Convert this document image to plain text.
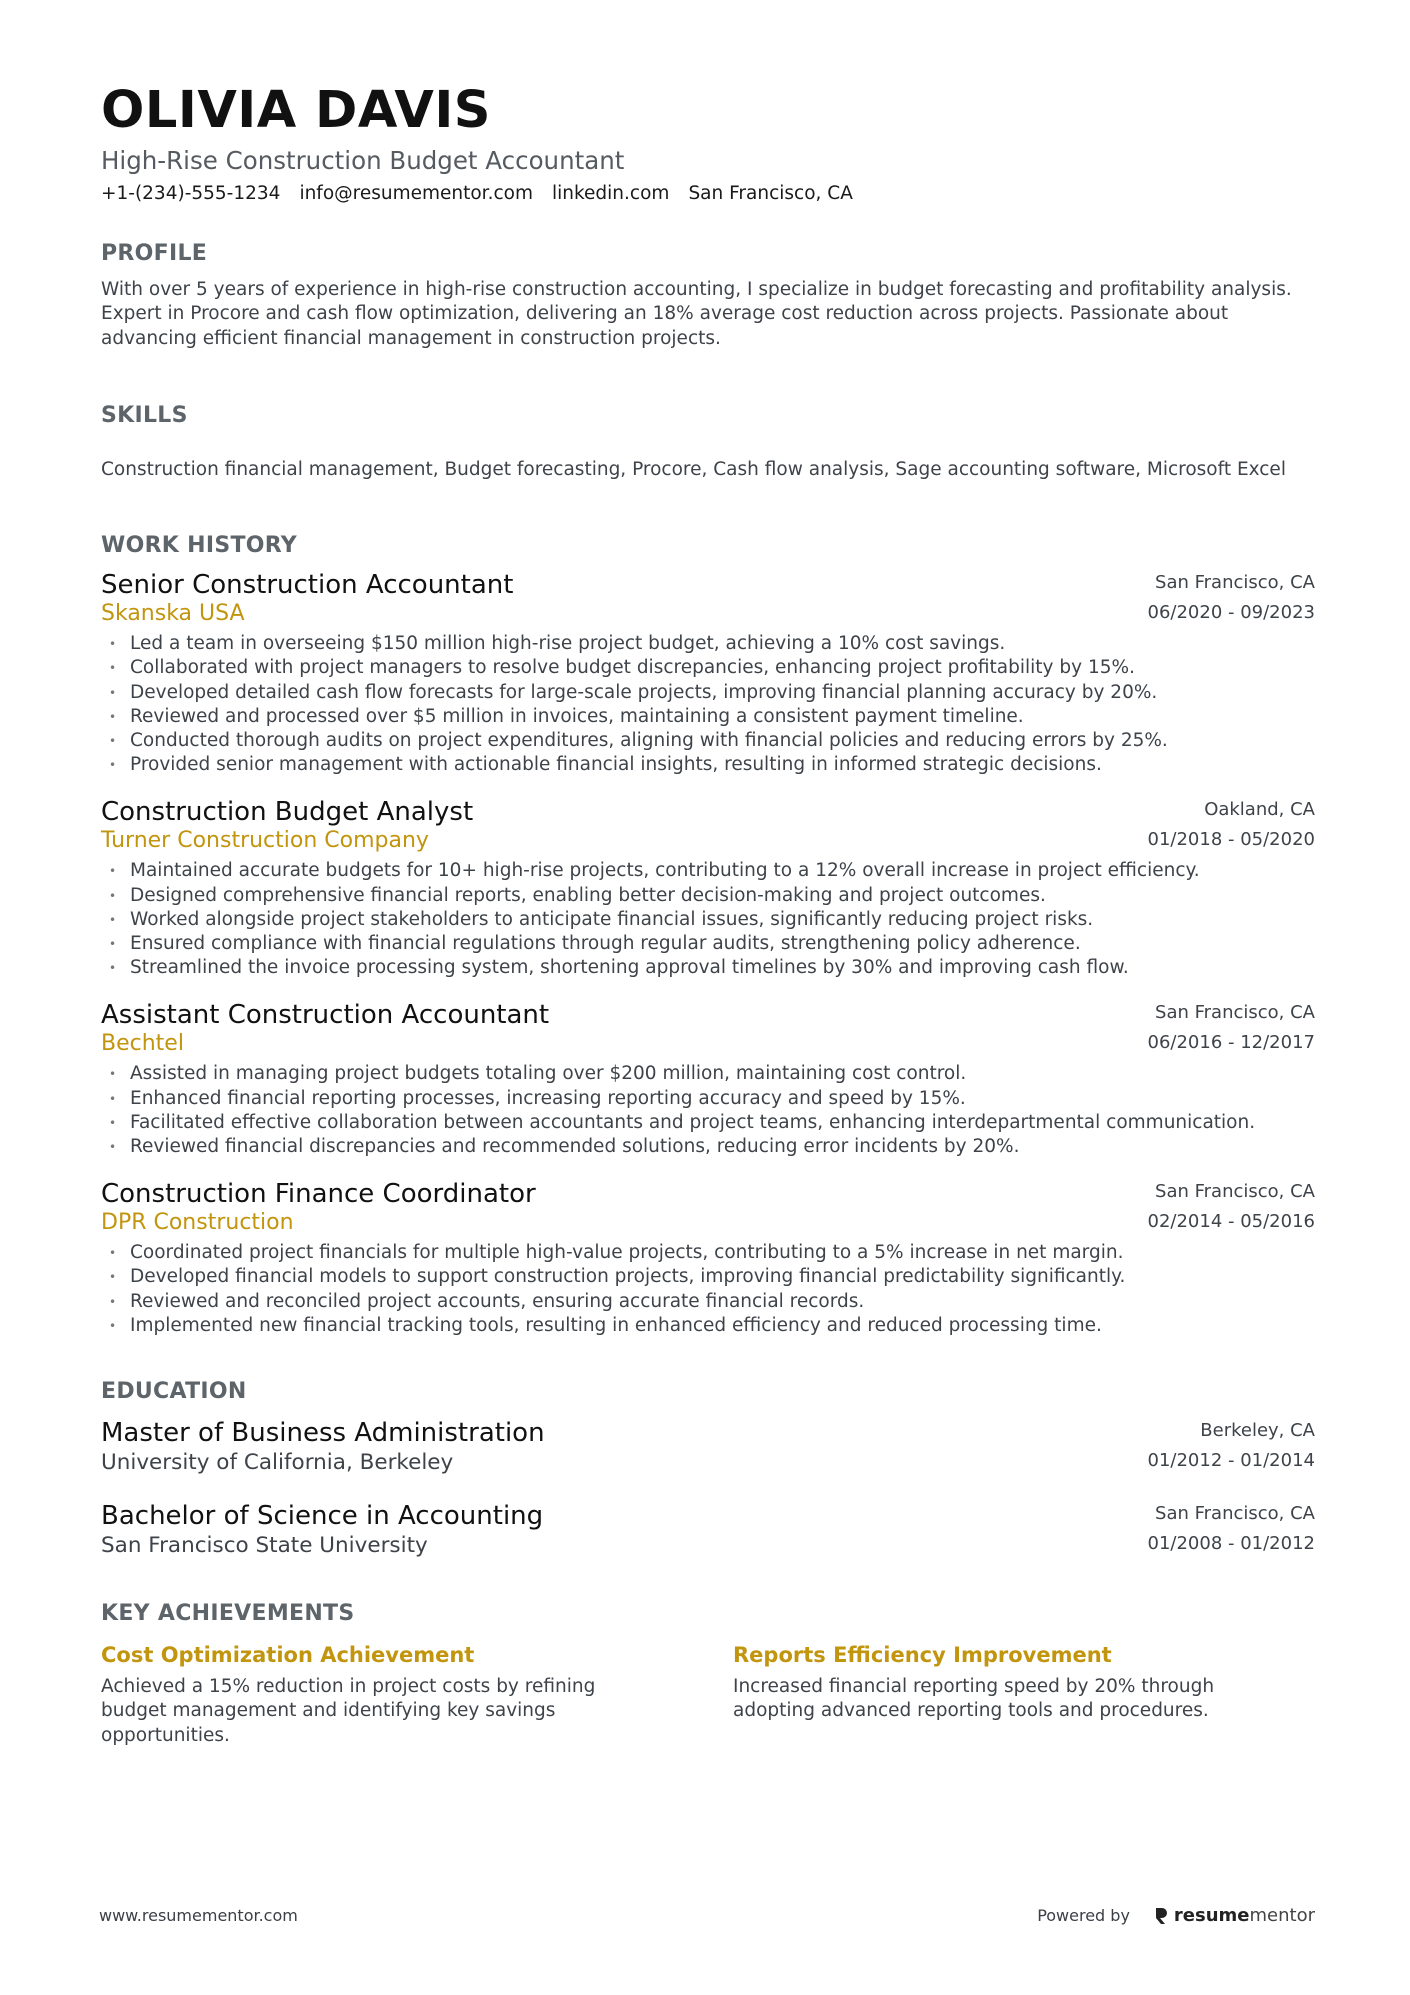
OLIVIA DAVIS
High-Rise Construction Budget Accountant
+1-(234)-555-1234 info@resumementor.com linkedin.com San Francisco, CA
PROFILE
With over 5 years of experience in high-rise construction accounting, I specialize in budget forecasting and profitability analysis. Expert in Procore and cash flow optimization, delivering an 18% average cost reduction across projects. Passionate about advancing efficient financial management in construction projects.
SKILLS
Construction financial management, Budget forecasting, Procore, Cash flow analysis, Sage accounting software, Microsoft Excel
WORK HISTORY
Senior Construction Accountant
Skanska USA
San Francisco, CA
06/2020 - 09/2023
• Led a team in overseeing $150 million high-rise project budget, achieving a 10% cost savings.
• Collaborated with project managers to resolve budget discrepancies, enhancing project profitability by 15%.
• Developed detailed cash flow forecasts for large-scale projects, improving financial planning accuracy by 20%.
• Reviewed and processed over $5 million in invoices, maintaining a consistent payment timeline.
• Conducted thorough audits on project expenditures, aligning with financial policies and reducing errors by 25%.
• Provided senior management with actionable financial insights, resulting in informed strategic decisions.
Construction Budget Analyst
Turner Construction Company
Oakland, CA
01/2018 - 05/2020
• Maintained accurate budgets for 10+ high-rise projects, contributing to a 12% overall increase in project efficiency.
• Designed comprehensive financial reports, enabling better decision-making and project outcomes.
• Worked alongside project stakeholders to anticipate financial issues, significantly reducing project risks.
• Ensured compliance with financial regulations through regular audits, strengthening policy adherence.
• Streamlined the invoice processing system, shortening approval timelines by 30% and improving cash flow.
Assistant Construction Accountant
Bechtel
San Francisco, CA
06/2016 - 12/2017
• Assisted in managing project budgets totaling over $200 million, maintaining cost control.
• Enhanced financial reporting processes, increasing reporting accuracy and speed by 15%.
• Facilitated effective collaboration between accountants and project teams, enhancing interdepartmental communication.
• Reviewed financial discrepancies and recommended solutions, reducing error incidents by 20%.
Construction Finance Coordinator
DPR Construction
San Francisco, CA
02/2014 - 05/2016
• Coordinated project financials for multiple high-value projects, contributing to a 5% increase in net margin.
• Developed financial models to support construction projects, improving financial predictability significantly.
• Reviewed and reconciled project accounts, ensuring accurate financial records.
• Implemented new financial tracking tools, resulting in enhanced efficiency and reduced processing time.
EDUCATION
Master of Business Administration
University of California, Berkeley
Berkeley, CA
01/2012 - 01/2014
Bachelor of Science in Accounting
San Francisco State University
San Francisco, CA
01/2008 - 01/2012
KEY ACHIEVEMENTS
Cost Optimization Achievement
Achieved a 15% reduction in project costs by refining budget management and identifying key savings opportunities.
Reports Efficiency Improvement
Increased financial reporting speed by 20% through adopting advanced reporting tools and procedures.
www.resumementor.com	Powered by resume mentor
